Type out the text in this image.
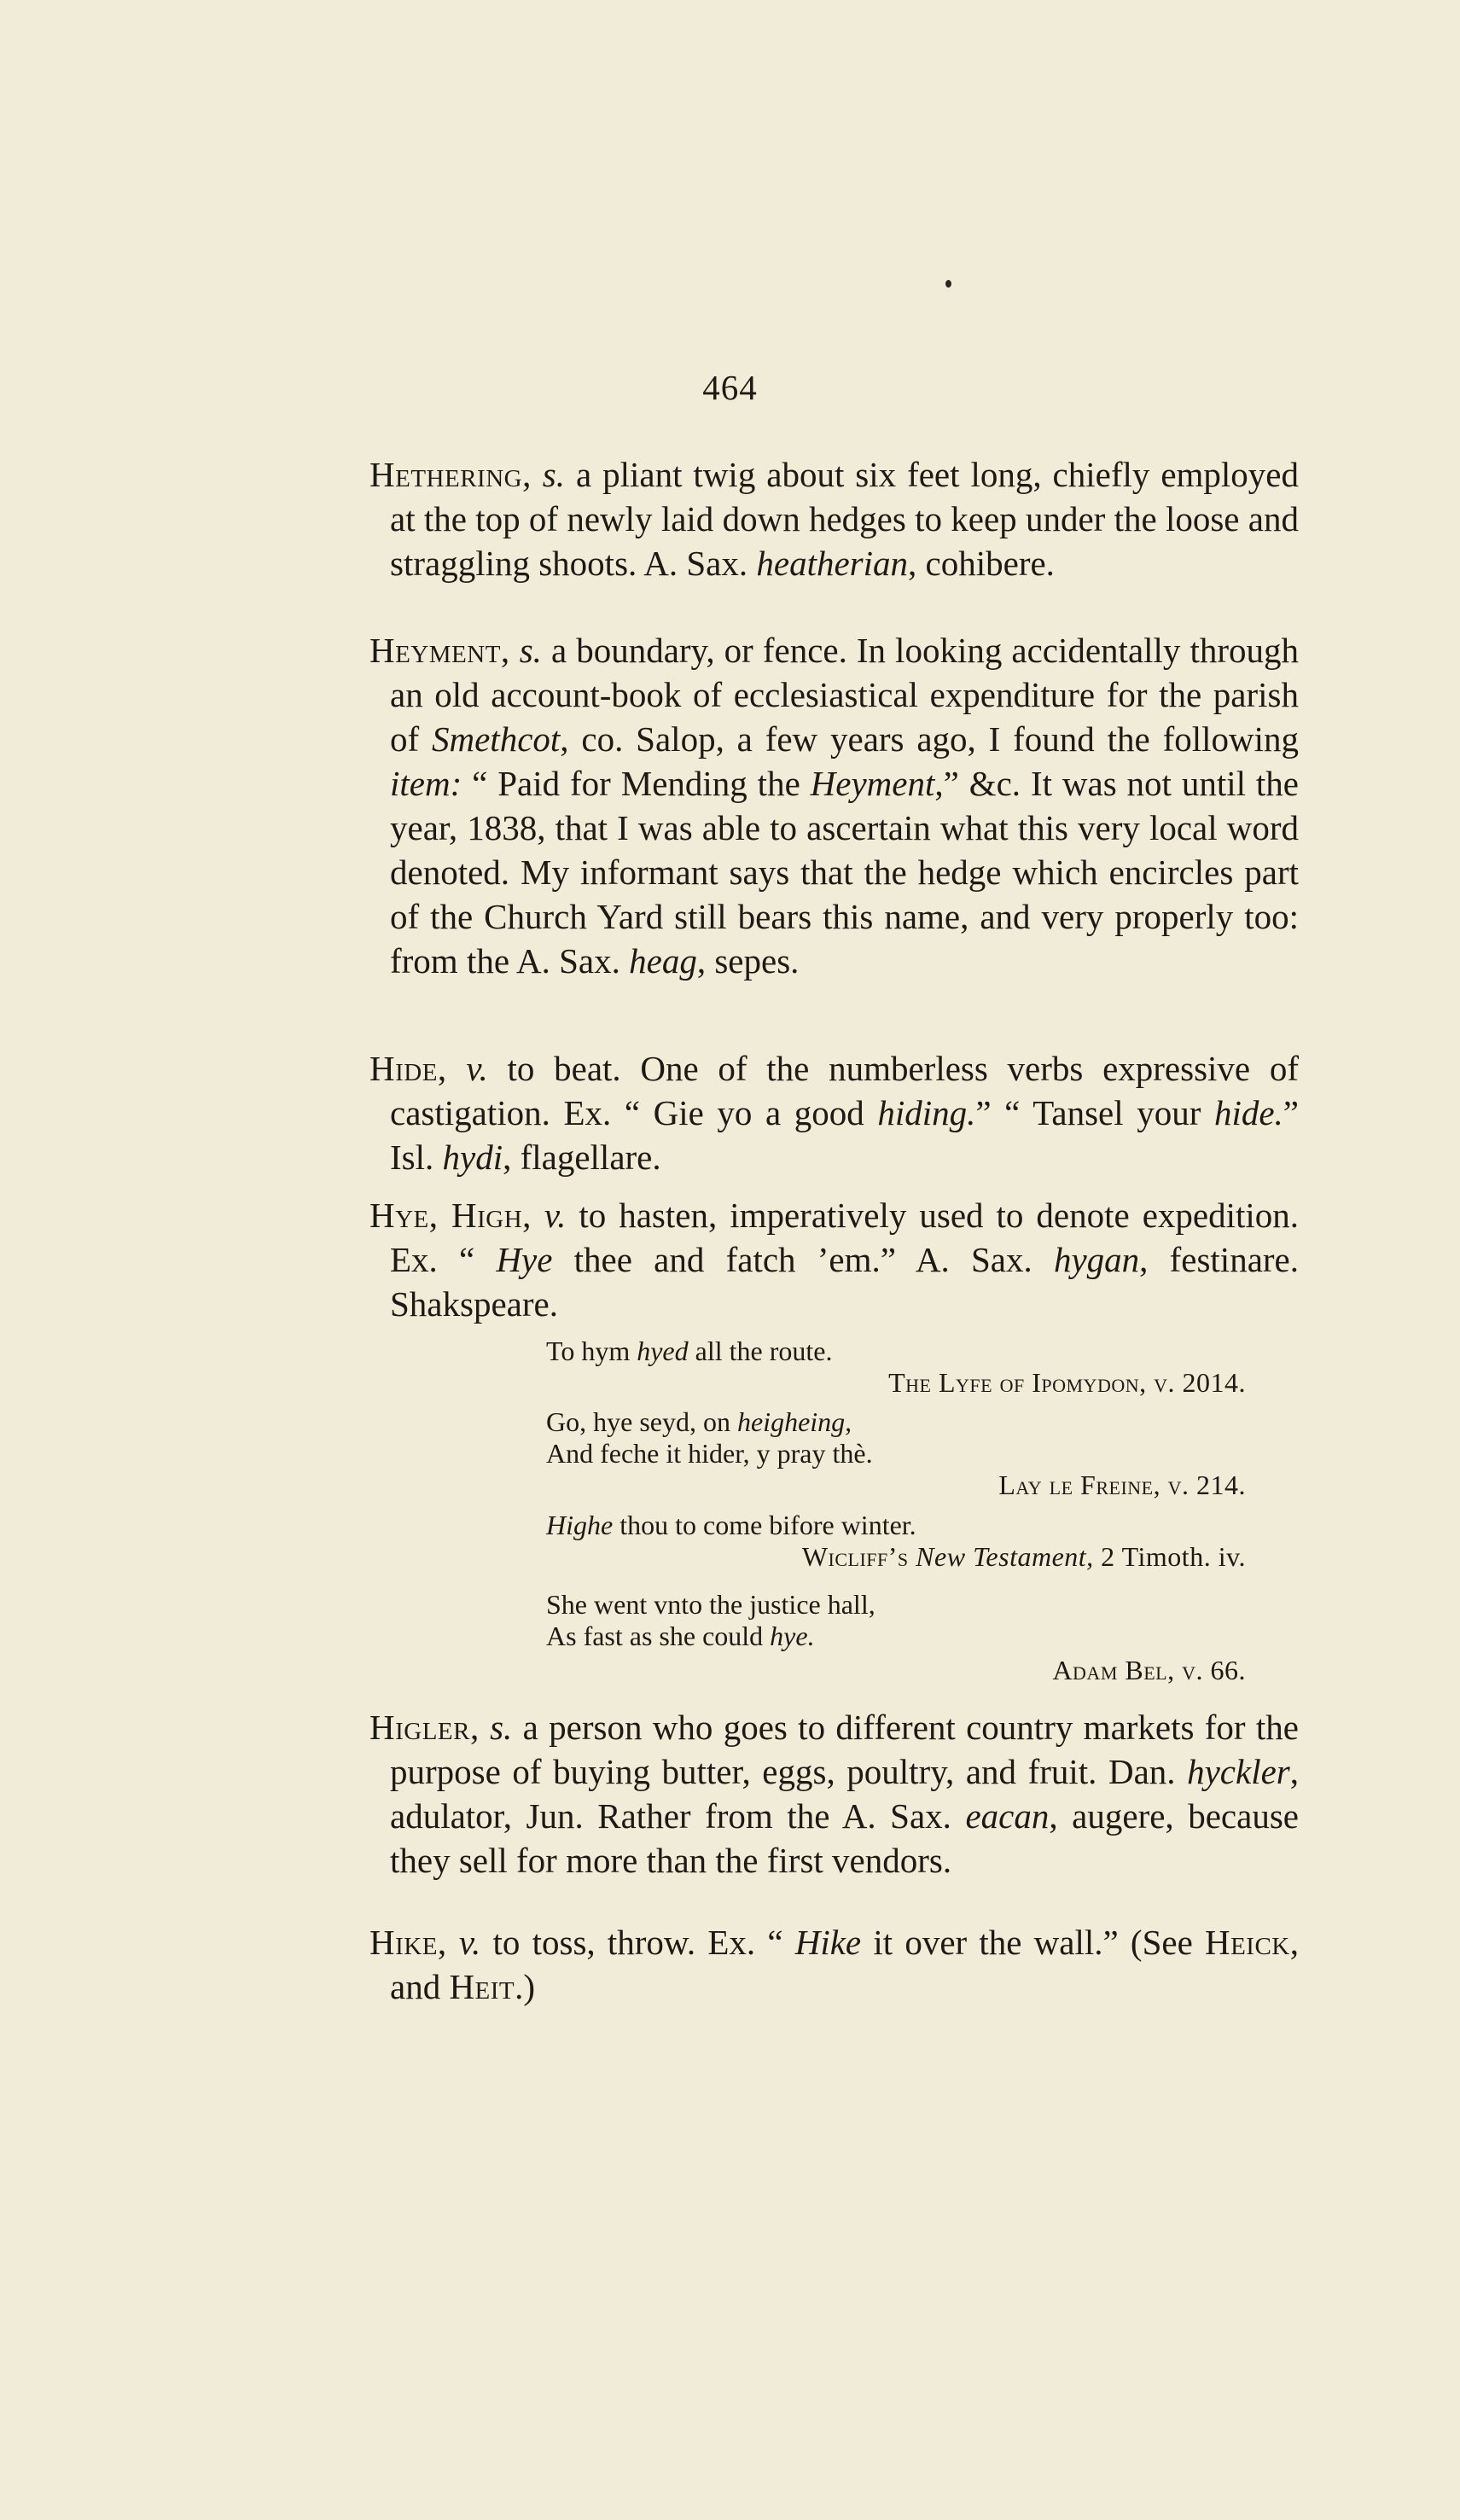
464

Hethering, s. a pliant twig about six feet long, chiefly employed at the top of newly laid down hedges to keep under the loose and straggling shoots. A. Sax. heatherian, cohibere.

Heyment, s. a boundary, or fence. In looking accidentally through an old account-book of ecclesiastical expenditure for the parish of Smethcot, co. Salop, a few years ago, I found the following item: “ Paid for Mending the Heyment,” &c. It was not until the year, 1838, that I was able to ascertain what this very local word denoted. My informant says that the hedge which encircles part of the Church Yard still bears this name, and very properly too: from the A. Sax. heag, sepes.

Hide, v. to beat. One of the numberless verbs expressive of castigation. Ex. “ Gie yo a good hiding.” “ Tansel your hide.” Isl. hydi, flagellare.

Hye, High, v. to hasten, imperatively used to denote expedition. Ex. “ Hye thee and fatch ’em.” A. Sax. hygan, festinare. Shakspeare.

To hym hyed all the route.
The Lyfe of Ipomydon, v. 2014.
Go, hye seyd, on heigheing,
And feche it hider, y pray thè.
Lay le Freine, v. 214.
Highe thou to come bifore winter.
Wicliff’s New Testament, 2 Timoth. iv.
She went vnto the justice hall,
As fast as she could hye.
Adam Bel, v. 66.

Higler, s. a person who goes to different country markets for the purpose of buying butter, eggs, poultry, and fruit. Dan. hyckler, adulator, Jun. Rather from the A. Sax. eacan, augere, because they sell for more than the first vendors.

Hike, v. to toss, throw. Ex. “ Hike it over the wall.” (See Heick, and Heit.)
